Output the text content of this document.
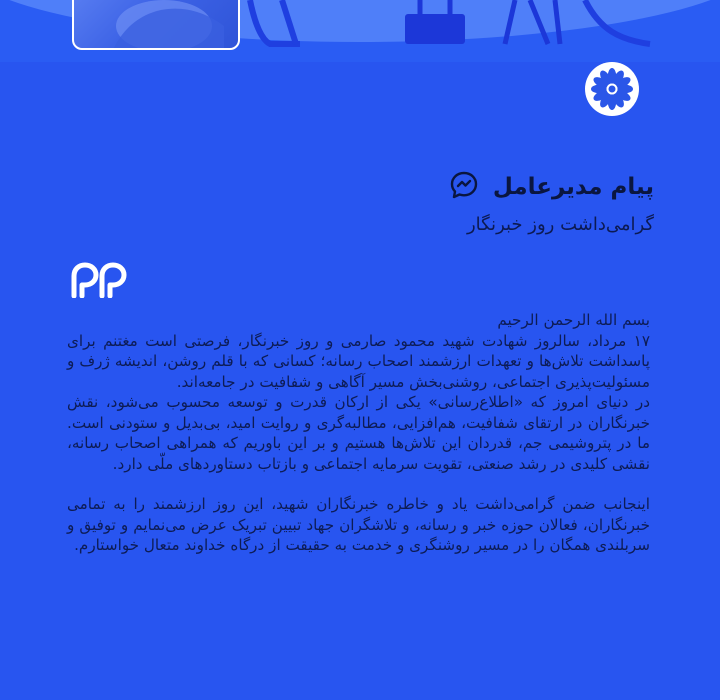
پیام مدیرعامل
گرامی‌داشت روز خبرنگار

بسم الله الرحمن الرحیم

۱۷ مرداد، سالروز شهادت شهید محمود صارمی و روز خبرنگار، فرصتی است مغتنم برای پاسداشت تلاش‌ها و تعهدات ارزشمند اصحاب رسانه؛ کسانی که با قلم روشن، اندیشه ژرف و مسئولیت‌پذیری اجتماعی، روشنی‌بخش مسیر آگاهی و شفافیت در جامعه‌اند.

در دنیای امروز که «اطلاع‌رسانی» یکی از ارکان قدرت و توسعه محسوب می‌شود، نقش خبرنگاران در ارتقای شفافیت، هم‌افزایی، مطالبه‌گری و روایت امید، بی‌بدیل و ستودنی است. ما در پتروشیمی جم، قدردان این تلاش‌ها هستیم و بر این باوریم که همراهی اصحاب رسانه، نقشی کلیدی در رشد صنعتی، تقویت سرمایه اجتماعی و بازتاب دستاوردهای ملّی دارد.

اینجانب ضمن گرامی‌داشت یاد و خاطره خبرنگاران شهید، این روز ارزشمند را به تمامی خبرنگاران، فعالان حوزه خبر و رسانه، و تلاشگران جهاد تبیین تبریک عرض می‌نمایم و توفیق و سربلندی همگان را در مسیر روشنگری و خدمت به حقیقت از درگاه خداوند متعال خواستارم.
